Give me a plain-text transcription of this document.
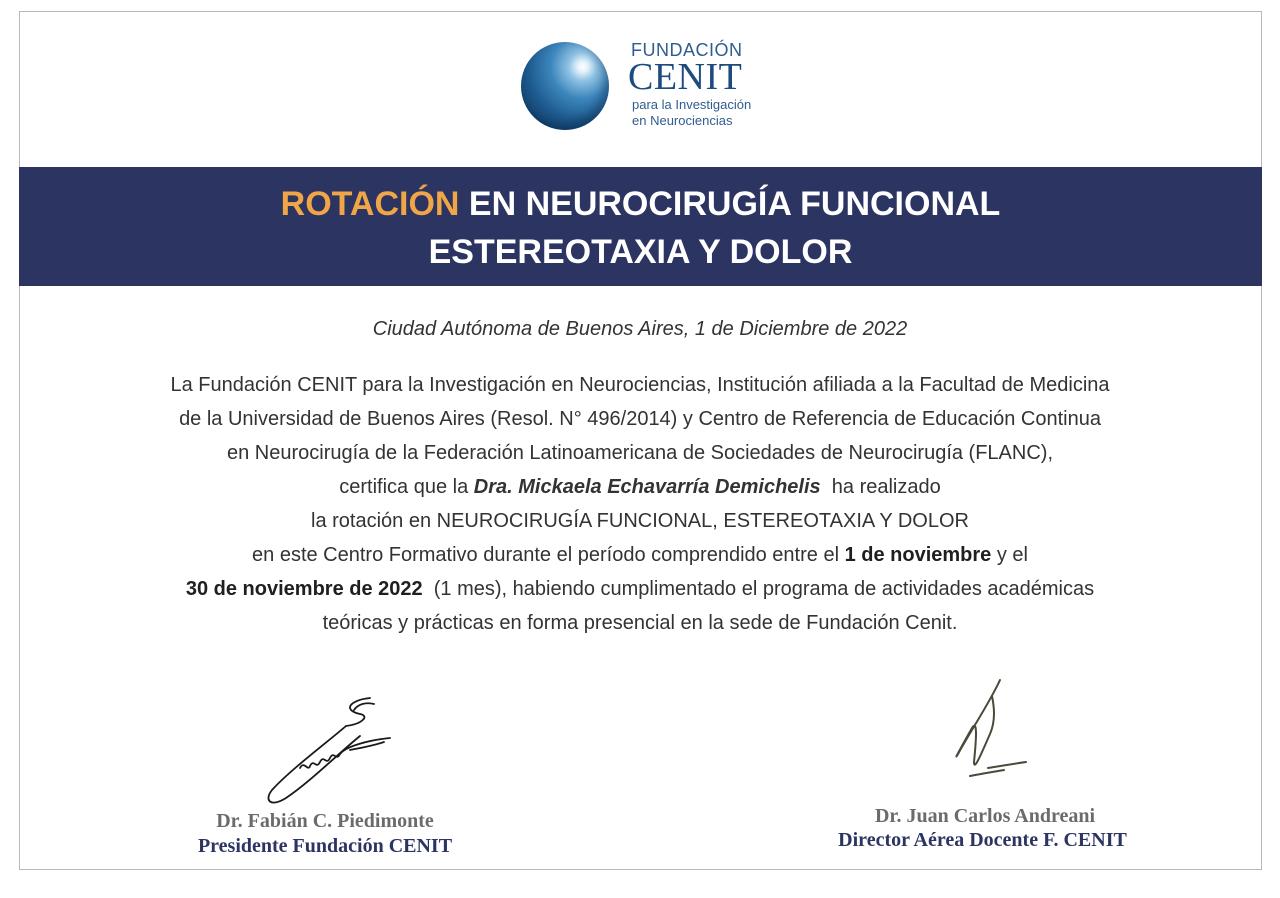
FUNDACIÓN
CENIT
para la Investigación
en Neurociencias
ROTACIÓN EN NEUROCIRUGÍA FUNCIONAL
ESTEREOTAXIA Y DOLOR
Ciudad Autónoma de Buenos Aires, 1 de Diciembre de 2022
La Fundación CENIT para la Investigación en Neurociencias, Institución afiliada a la Facultad de Medicina
de la Universidad de Buenos Aires (Resol. N° 496/2014) y Centro de Referencia de Educación Continua
en Neurocirugía de la Federación Latinoamericana de Sociedades de Neurocirugía (FLANC),
certifica que la Dra. Mickaela Echavarría Demichelis  ha realizado
la rotación en NEUROCIRUGÍA FUNCIONAL, ESTEREOTAXIA Y DOLOR
en este Centro Formativo durante el período comprendido entre el 1 de noviembre y el
30 de noviembre de 2022  (1 mes), habiendo cumplimentado el programa de actividades académicas
teóricas y prácticas en forma presencial en la sede de Fundación Cenit.
Dr. Fabián C. Piedimonte
Presidente Fundación CENIT
Dr. Juan Carlos Andreani
Director Aérea Docente F. CENIT
